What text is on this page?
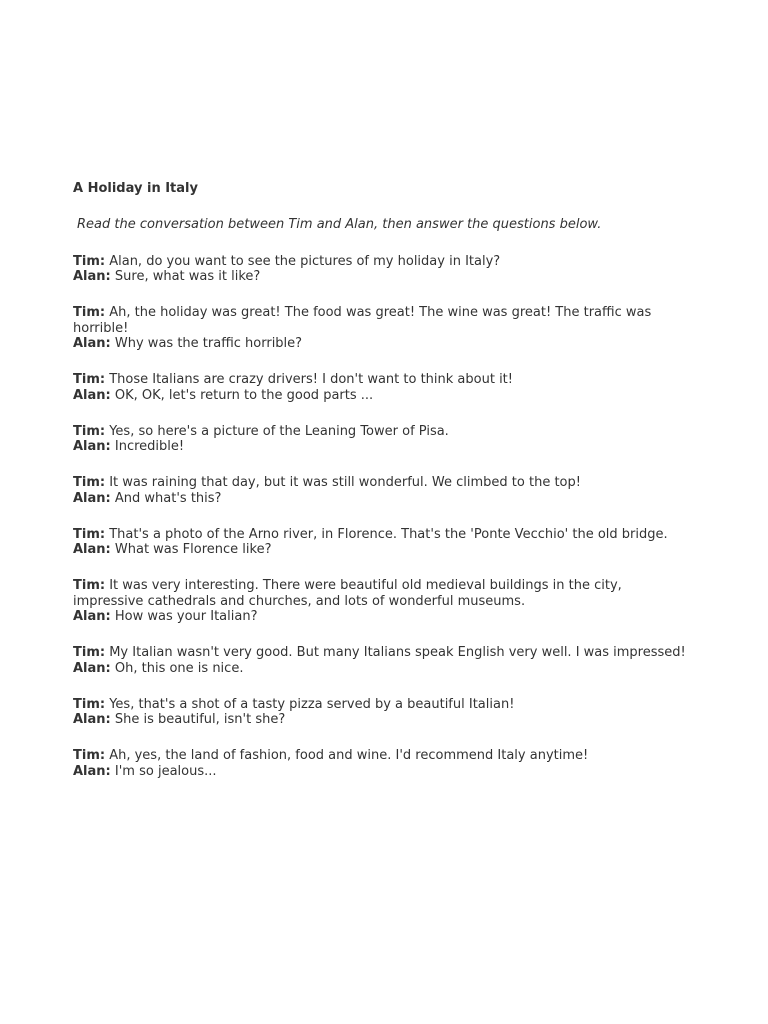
A Holiday in Italy

Read the conversation between Tim and Alan, then answer the questions below.

Tim: Alan, do you want to see the pictures of my holiday in Italy?
Alan: Sure, what was it like?
Tim: Ah, the holiday was great! The food was great! The wine was great! The traffic was horrible!
Alan: Why was the traffic horrible?
Tim: Those Italians are crazy drivers! I don't want to think about it!
Alan: OK, OK, let's return to the good parts ...
Tim: Yes, so here's a picture of the Leaning Tower of Pisa.
Alan: Incredible!
Tim: It was raining that day, but it was still wonderful. We climbed to the top!
Alan: And what's this?
Tim: That's a photo of the Arno river, in Florence. That's the 'Ponte Vecchio' the old bridge.
Alan: What was Florence like?
Tim: It was very interesting. There were beautiful old medieval buildings in the city, impressive cathedrals and churches, and lots of wonderful museums.
Alan: How was your Italian?
Tim: My Italian wasn't very good. But many Italians speak English very well. I was impressed!
Alan: Oh, this one is nice.
Tim: Yes, that's a shot of a tasty pizza served by a beautiful Italian!
Alan: She is beautiful, isn't she?
Tim: Ah, yes, the land of fashion, food and wine. I'd recommend Italy anytime!
Alan: I'm so jealous...
